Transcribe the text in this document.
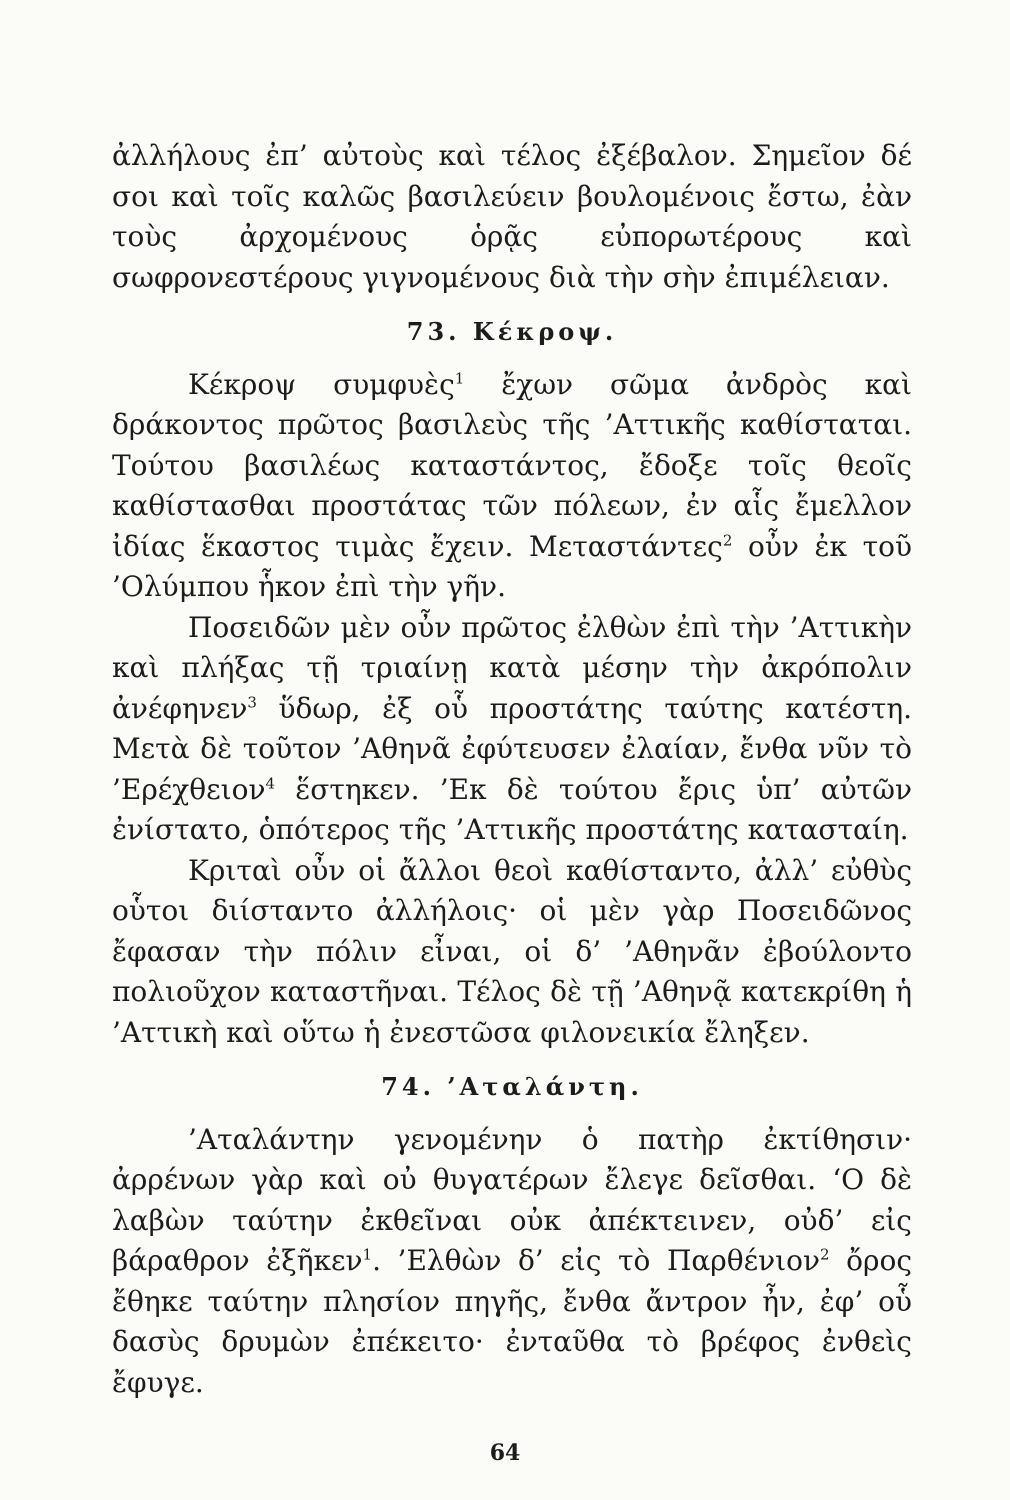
ἀλλήλους ἐπ’ αὐτοὺς καὶ τέλος ἐξέβαλον. Σημεῖον δέ σοι καὶ τοῖς καλῶς βασιλεύειν βουλομένοις ἔστω, ἐὰν τοὺς ἀρχομένους ὁρᾷς εὐπορωτέρους καὶ σωφρονεστέρους γιγνομένους διὰ τὴν σὴν ἐπιμέλειαν.
73. Κέκροψ.
Κέκροψ συμφυὲς$^1$ ἔχων σῶμα ἀνδρὸς καὶ δράκοντος πρῶτος βασιλεὺς τῆς ’Αττικῆς καθίσταται. Τούτου βασιλέως καταστάντος, ἔδοξε τοῖς θεοῖς καθίστασθαι προστάτας τῶν πόλεων, ἐν αἷς ἔμελλον ἰδίας ἕκαστος τιμὰς ἔχειν. Μεταστάντες$^2$ οὖν ἐκ τοῦ ’Ολύμπου ἧκον ἐπὶ τὴν γῆν.
Ποσειδῶν μὲν οὖν πρῶτος ἐλθὼν ἐπὶ τὴν ’Αττικὴν καὶ πλήξας τῇ τριαίνῃ κατὰ μέσην τὴν ἀκρόπολιν ἀνέφηνεν$^3$ ὕδωρ, ἐξ οὗ προστάτης ταύτης κατέστη. Μετὰ δὲ τοῦτον ’Αθηνᾶ ἐφύτευσεν ἐλαίαν, ἔνθα νῦν τὸ ’Ερέχθειον$^4$ ἕστηκεν. ’Εκ δὲ τούτου ἔρις ὑπ’ αὐτῶν ἐνίστατο, ὁπότερος τῆς ’Αττικῆς προστάτης κατασταίη.
Κριταὶ οὖν οἱ ἄλλοι θεοὶ καθίσταντο, ἀλλ’ εὐθὺς οὗτοι διίσταντο ἀλλήλοις· οἱ μὲν γὰρ Ποσειδῶνος ἔφασαν τὴν πόλιν εἶναι, οἱ δ’ ’Αθηνᾶν ἐβούλοντο πολιοῦχον καταστῆναι. Τέλος δὲ τῇ ’Αθηνᾷ κατεκρίθη ἡ ’Αττικὴ καὶ οὕτω ἡ ἐνεστῶσα φιλονεικία ἔληξεν.
74. ’Αταλάντη.
’Αταλάντην γενομένην ὁ πατὴρ ἐκτίθησιν· ἀρρένων γὰρ καὶ οὐ θυγατέρων ἔλεγε δεῖσθαι. ‘Ο δὲ λαβὼν ταύτην ἐκθεῖναι οὐκ ἀπέκτεινεν, οὐδ’ εἰς βάραθρον ἐξῆκεν$^1$. ’Ελθὼν δ’ εἰς τὸ Παρθένιον$^2$ ὄρος ἔθηκε ταύτην πλησίον πηγῆς, ἔνθα ἄντρον ἦν, ἐφ’ οὗ δασὺς δρυμὼν ἐπέκειτο· ἐνταῦθα τὸ βρέφος ἐνθεὶς ἔφυγε.
64
